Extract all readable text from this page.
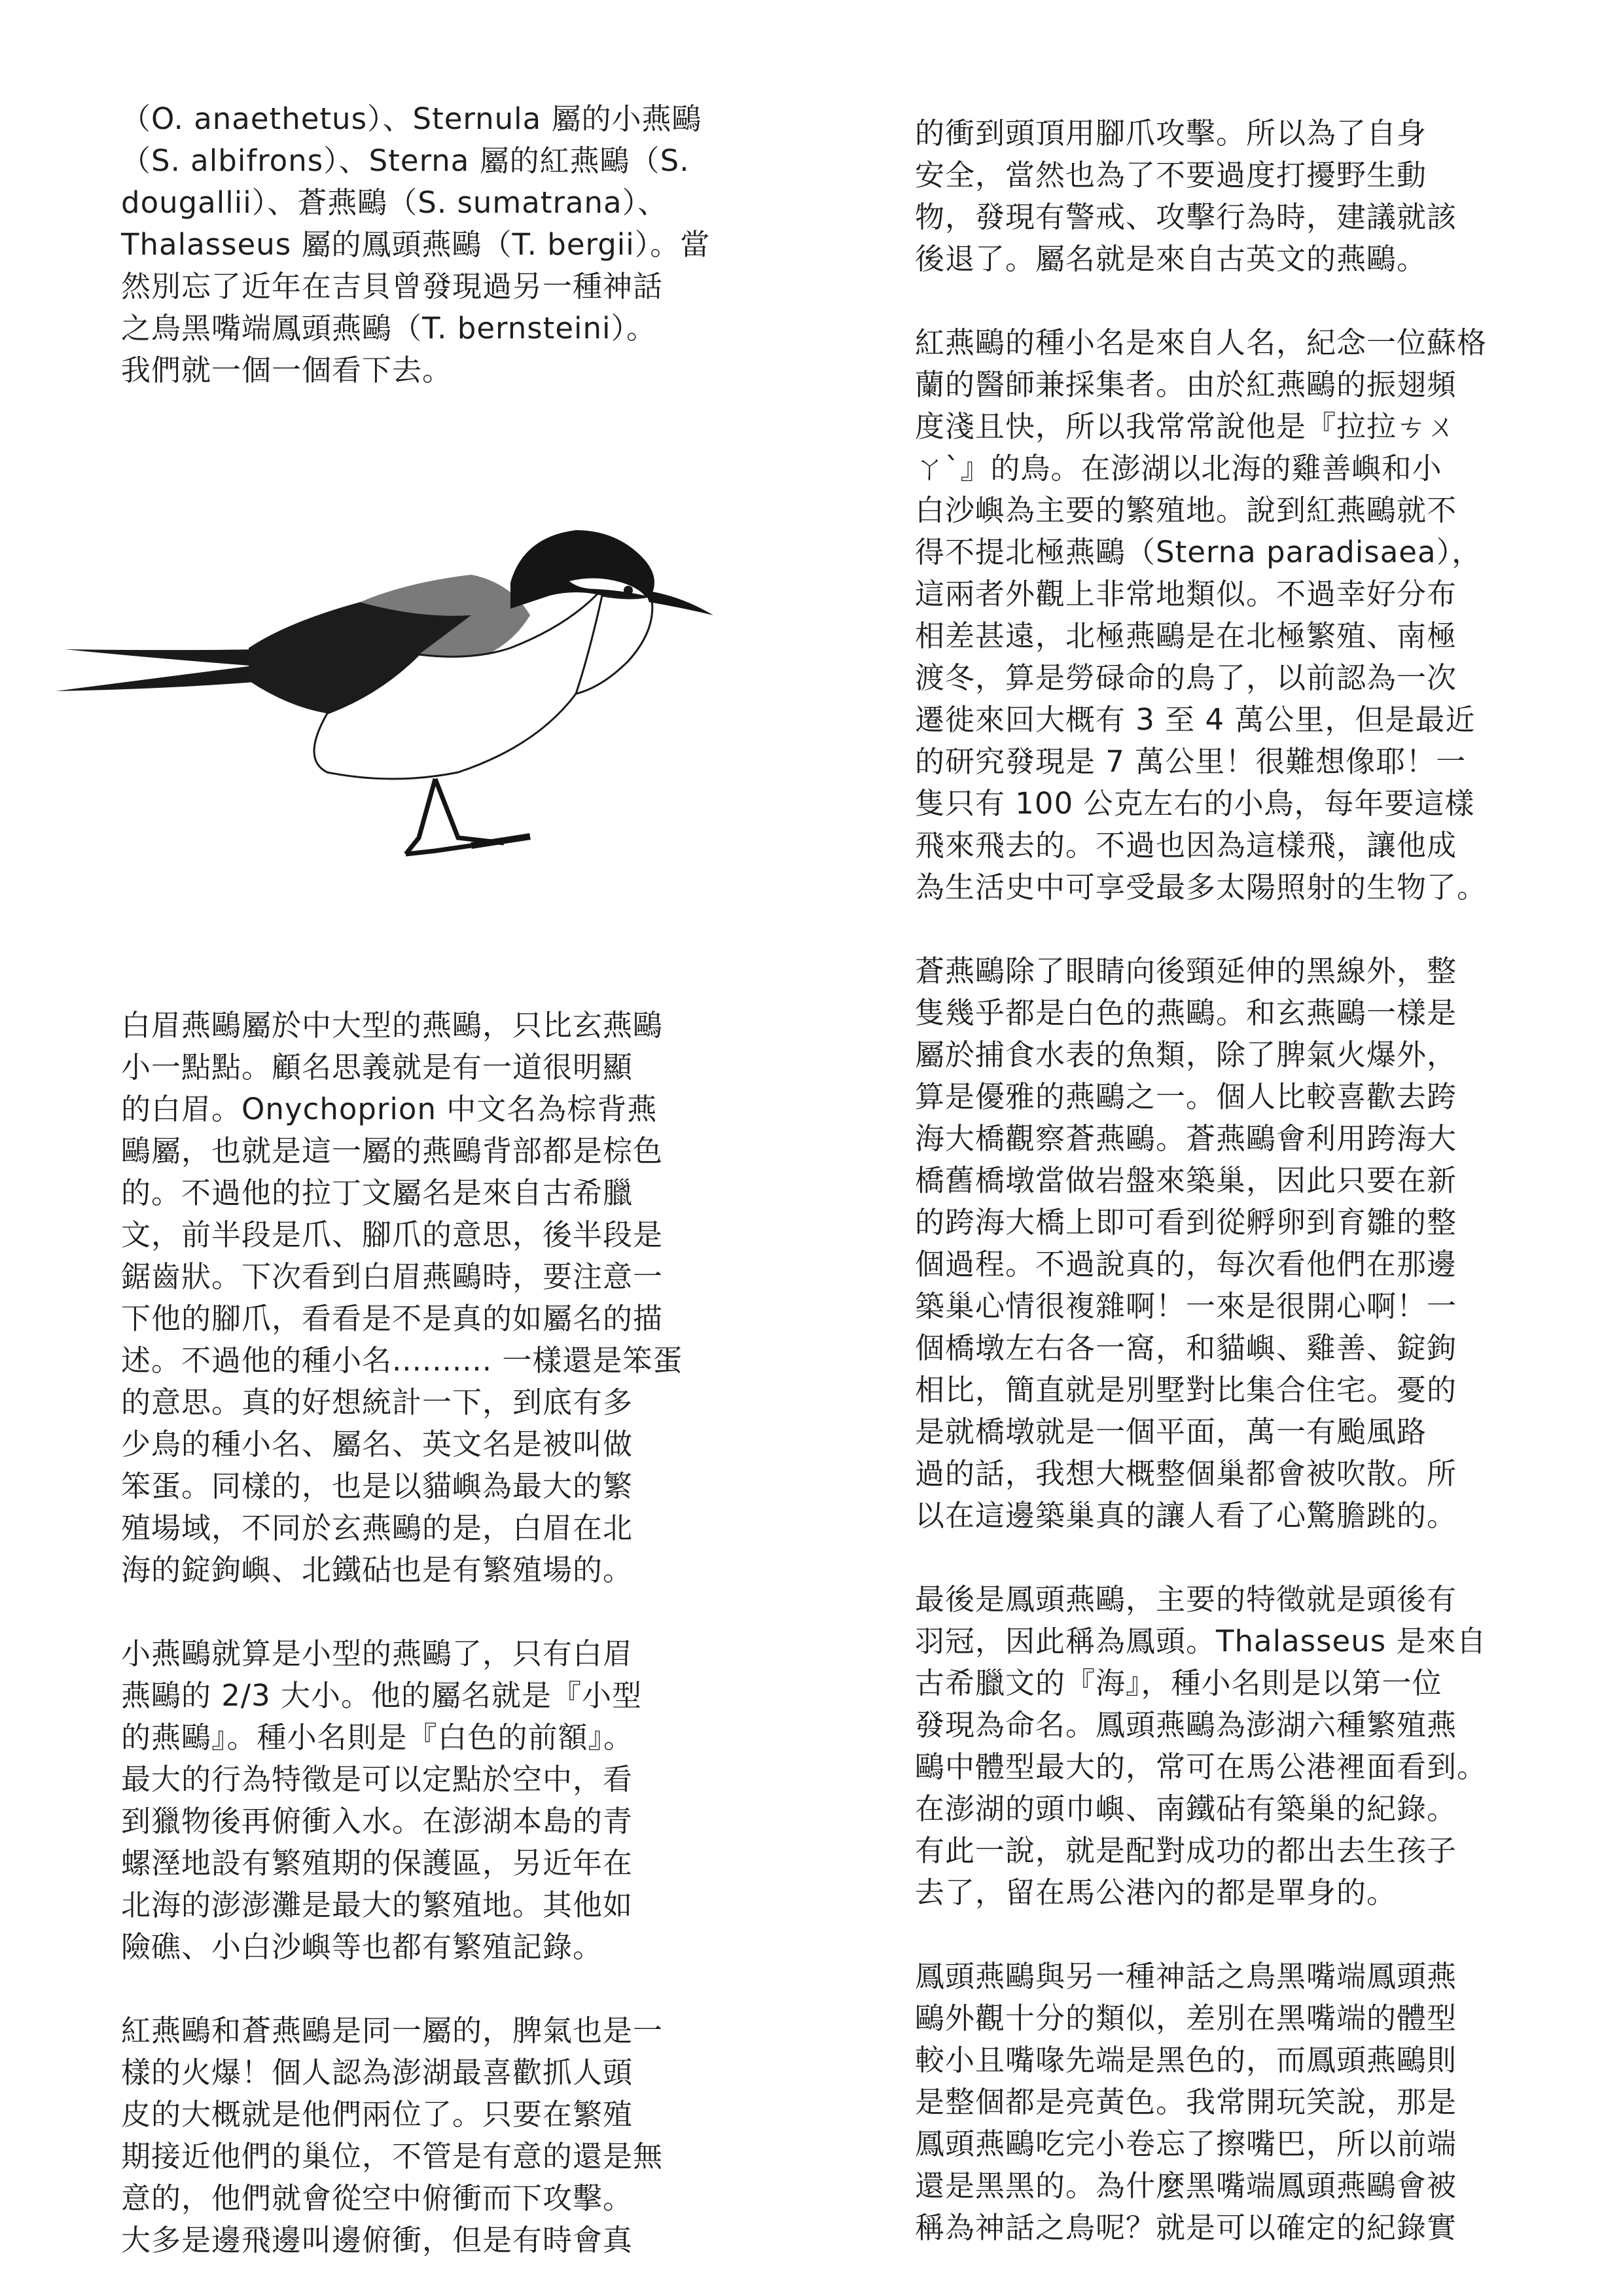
（O. anaethetus）、Sternula 屬的小燕鷗
（S. albifrons）、Sterna 屬的紅燕鷗（S.
dougallii）、蒼燕鷗（S. sumatrana）、
Thalasseus 屬的鳳頭燕鷗（T. bergii）。當
然別忘了近年在吉貝曾發現過另一種神話
之鳥黑嘴端鳳頭燕鷗（T. bernsteini）。
我們就一個一個看下去。

白眉燕鷗屬於中大型的燕鷗，只比玄燕鷗
小一點點。顧名思義就是有一道很明顯
的白眉。Onychoprion 中文名為棕背燕
鷗屬，也就是這一屬的燕鷗背部都是棕色
的。不過他的拉丁文屬名是來自古希臘
文，前半段是爪、腳爪的意思，後半段是
鋸齒狀。下次看到白眉燕鷗時，要注意一
下他的腳爪，看看是不是真的如屬名的描
述。不過他的種小名.......... 一樣還是笨蛋
的意思。真的好想統計一下，到底有多
少鳥的種小名、屬名、英文名是被叫做
笨蛋。同樣的，也是以貓嶼為最大的繁
殖場域，不同於玄燕鷗的是，白眉在北
海的錠鉤嶼、北鐵砧也是有繁殖場的。

小燕鷗就算是小型的燕鷗了，只有白眉
燕鷗的 2/3 大小。他的屬名就是『小型
的燕鷗』。種小名則是『白色的前額』。
最大的行為特徵是可以定點於空中，看
到獵物後再俯衝入水。在澎湖本島的青
螺溼地設有繁殖期的保護區，另近年在
北海的澎澎灘是最大的繁殖地。其他如
險礁、小白沙嶼等也都有繁殖記錄。

紅燕鷗和蒼燕鷗是同一屬的，脾氣也是一
樣的火爆！個人認為澎湖最喜歡抓人頭
皮的大概就是他們兩位了。只要在繁殖
期接近他們的巢位，不管是有意的還是無
意的，他們就會從空中俯衝而下攻擊。
大多是邊飛邊叫邊俯衝，但是有時會真

的衝到頭頂用腳爪攻擊。所以為了自身
安全，當然也為了不要過度打擾野生動
物，發現有警戒、攻擊行為時，建議就該
後退了。屬名就是來自古英文的燕鷗。

紅燕鷗的種小名是來自人名，紀念一位蘇格
蘭的醫師兼採集者。由於紅燕鷗的振翅頻
度淺且快，所以我常常說他是『拉拉ㄘㄨ
ㄚˋ』的鳥。在澎湖以北海的雞善嶼和小
白沙嶼為主要的繁殖地。說到紅燕鷗就不
得不提北極燕鷗（Sterna paradisaea），
這兩者外觀上非常地類似。不過幸好分布
相差甚遠，北極燕鷗是在北極繁殖、南極
渡冬，算是勞碌命的鳥了，以前認為一次
遷徙來回大概有 3 至 4 萬公里，但是最近
的研究發現是 7 萬公里！很難想像耶！一
隻只有 100 公克左右的小鳥，每年要這樣
飛來飛去的。不過也因為這樣飛，讓他成
為生活史中可享受最多太陽照射的生物了。

蒼燕鷗除了眼睛向後頸延伸的黑線外，整
隻幾乎都是白色的燕鷗。和玄燕鷗一樣是
屬於捕食水表的魚類，除了脾氣火爆外，
算是優雅的燕鷗之一。個人比較喜歡去跨
海大橋觀察蒼燕鷗。蒼燕鷗會利用跨海大
橋舊橋墩當做岩盤來築巢，因此只要在新
的跨海大橋上即可看到從孵卵到育雛的整
個過程。不過說真的，每次看他們在那邊
築巢心情很複雜啊！一來是很開心啊！一
個橋墩左右各一窩，和貓嶼、雞善、錠鉤
相比，簡直就是別墅對比集合住宅。憂的
是就橋墩就是一個平面，萬一有颱風路
過的話，我想大概整個巢都會被吹散。所
以在這邊築巢真的讓人看了心驚膽跳的。

最後是鳳頭燕鷗，主要的特徵就是頭後有
羽冠，因此稱為鳳頭。Thalasseus 是來自
古希臘文的『海』，種小名則是以第一位
發現為命名。鳳頭燕鷗為澎湖六種繁殖燕
鷗中體型最大的，常可在馬公港裡面看到。
在澎湖的頭巾嶼、南鐵砧有築巢的紀錄。
有此一說，就是配對成功的都出去生孩子
去了，留在馬公港內的都是單身的。

鳳頭燕鷗與另一種神話之鳥黑嘴端鳳頭燕
鷗外觀十分的類似，差別在黑嘴端的體型
較小且嘴喙先端是黑色的，而鳳頭燕鷗則
是整個都是亮黃色。我常開玩笑說，那是
鳳頭燕鷗吃完小卷忘了擦嘴巴，所以前端
還是黑黑的。為什麼黑嘴端鳳頭燕鷗會被
稱為神話之鳥呢？就是可以確定的紀錄實
